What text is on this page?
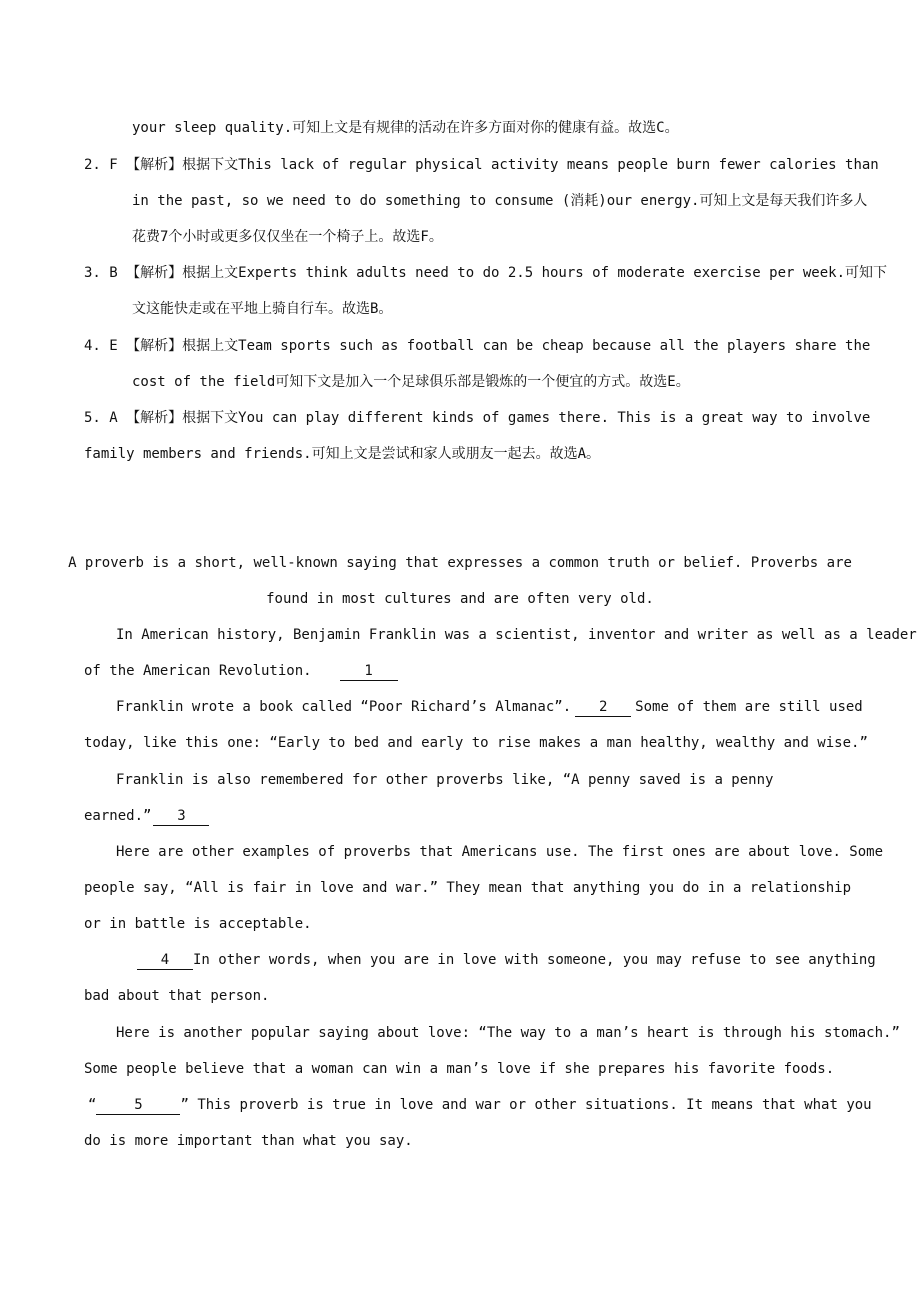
your sleep quality.可知上文是有规律的活动在许多方面对你的健康有益。故选C。
2. F 【解析】根据下文This lack of regular physical activity means people burn fewer calories than
in the past, so we need to do something to consume (消耗)our energy.可知上文是每天我们许多人
花费7个小时或更多仅仅坐在一个椅子上。故选F。
3. B 【解析】根据上文Experts think adults need to do 2.5 hours of moderate exercise per week.可知下
文这能快走或在平地上骑自行车。故选B。
4. E 【解析】根据上文Team sports such as football can be cheap because all the players share the
cost of the field可知下文是加入一个足球俱乐部是锻炼的一个便宜的方式。故选E。
5. A 【解析】根据下文You can play different kinds of games there. This is a great way to involve
family members and friends.可知上文是尝试和家人或朋友一起去。故选A。
A proverb is a short, well-known saying that expresses a common truth or belief. Proverbs are
found in most cultures and are often very old.
In American history, Benjamin Franklin was a scientist, inventor and writer as well as a leader
of the American Revolution.	1
Franklin wrote a book called “Poor Richard’s Almanac”. 2 Some of them are still used
today, like this one: “Early to bed and early to rise makes a man healthy, wealthy and wise.”
Franklin is also remembered for other proverbs like, “A penny saved is a penny
earned.” 3
Here are other examples of proverbs that Americans use. The first ones are about love. Some
people say, “All is fair in love and war.” They mean that anything you do in a relationship
or in battle is acceptable.
4 In other words, when you are in love with someone, you may refuse to see anything
bad about that person.
Here is another popular saying about love: “The way to a man’s heart is through his stomach.”
Some people believe that a woman can win a man’s love if she prepares his favorite foods.
“	5	” This proverb is true in love and war or other situations. It means that what you
do is more important than what you say.
